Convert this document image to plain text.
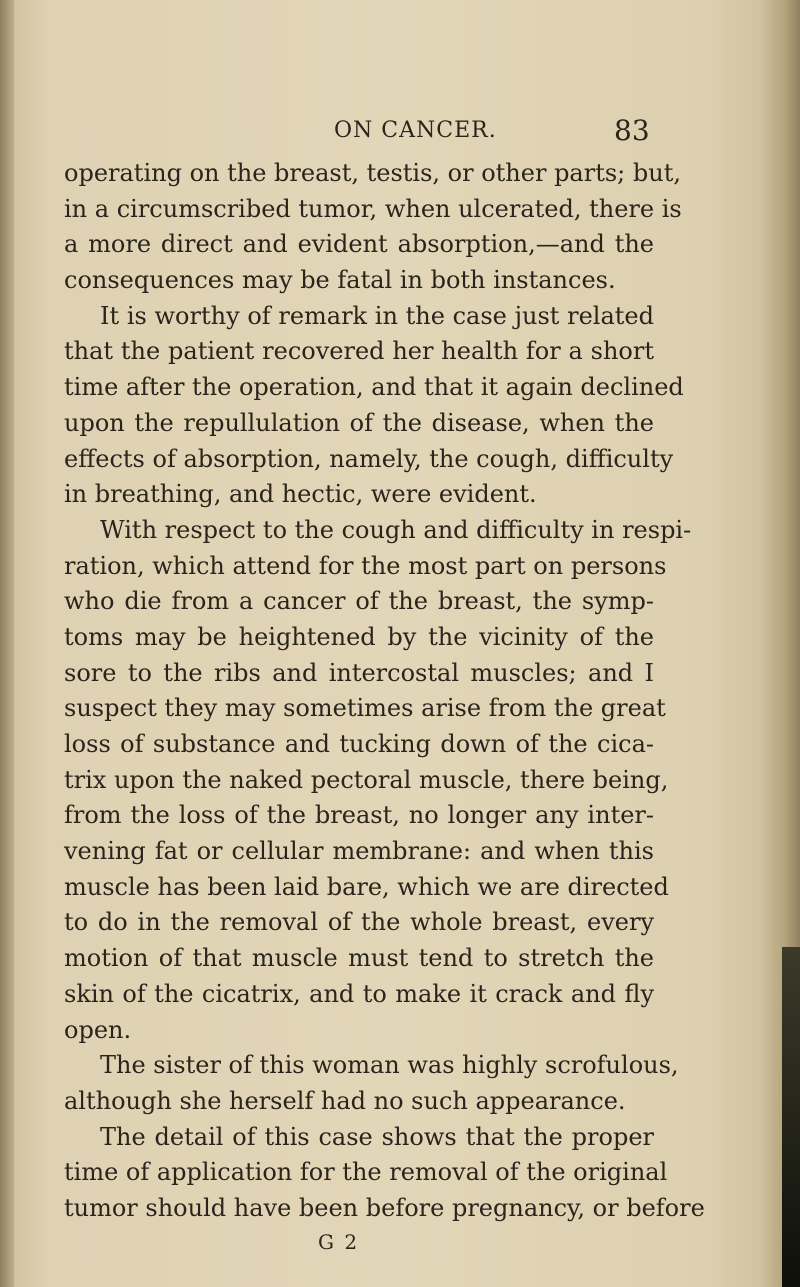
ON CANCER.	83
operating on the breast, testis, or other parts; but,
in a circumscribed tumor, when ulcerated, there is
a more direct and evident absorption,—and the
consequences may be fatal in both instances.
It is worthy of remark in the case just related
that the patient recovered her health for a short
time after the operation, and that it again declined
upon the repullulation of the disease, when the
effects of absorption, namely, the cough, difficulty
in breathing, and hectic, were evident.
With respect to the cough and difficulty in respi-
ration, which attend for the most part on persons
who die from a cancer of the breast, the symp-
toms may be heightened by the vicinity of the
sore to the ribs and intercostal muscles; and I
suspect they may sometimes arise from the great
loss of substance and tucking down of the cica-
trix upon the naked pectoral muscle, there being,
from the loss of the breast, no longer any inter-
vening fat or cellular membrane: and when this
muscle has been laid bare, which we are directed
to do in the removal of the whole breast, every
motion of that muscle must tend to stretch the
skin of the cicatrix, and to make it crack and fly
open.
The sister of this woman was highly scrofulous,
although she herself had no such appearance.
The detail of this case shows that the proper
time of application for the removal of the original
tumor should have been before pregnancy, or before
G 2
